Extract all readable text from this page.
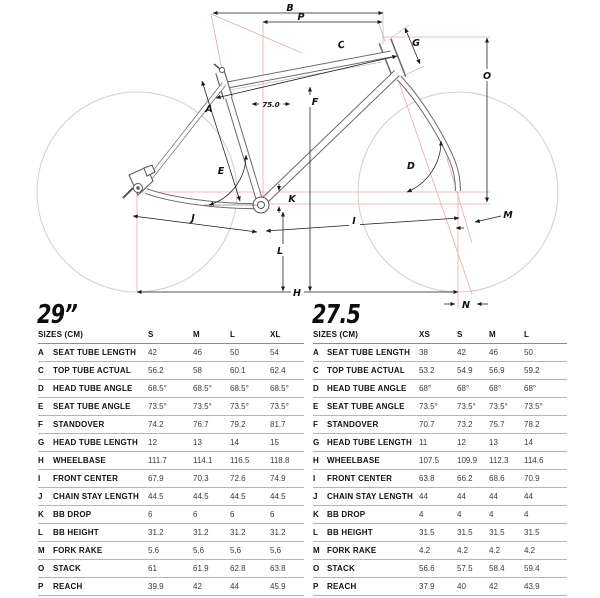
B
P
C	G
O
A
F
75.0
D
E
K
J	I
L
M
H
N
29”	27.5
SIZES (CM)	S	M	L	XL
A SEAT TUBE LENGTH 42	46	50	54
C TOP TUBE ACTUAL 56.2	58	60.1	62.4
D HEAD TUBE ANGLE 68.5°	68.5° 68.5°	68.5°
E SEAT TUBE ANGLE 73.5°	73.5° 73.5°	73.5°
F STANDOVER	74.2	76.7	79.2	81.7
G HEAD TUBE LENGTH 12	13	14	15
H WHEELBASE	111.7	114.1 116.5	118.8
I FRONT CENTER	67.9	70.3	72.6	74.9
J CHAIN STAY LENGTH 44.5	44.5	44.5	44.5
K BB DROP	6	6	6	6
L BB HEIGHT	31.2	31.2	31.2	31.2
M FORK RAKE	5.6	5.6	5.6	5.6
O STACK	61	61.9	62.8	63.8
P REACH	39.9	42	44	45.9
SIZES (CM)	XS	S	M	L
A SEAT TUBE LENGTH 38	42	46	50
C TOP TUBE ACTUAL 53.2	54.9 56.9 59.2
D HEAD TUBE ANGLE 68°	68° 68°	68°
E SEAT TUBE ANGLE 73.5° 73.5° 73.5° 73.5°
F STANDOVER	70.7	73.2 75.7 78.2
G HEAD TUBE LENGTH 11	12	13	14
H WHEELBASE	107.5 109.9 112.3 114.6
I FRONT CENTER	63.8	66.2 68.6 70.9
J CHAIN STAY LENGTH 44	44	44	44
K BB DROP	4	4	4	4
L BB HEIGHT	31.5	31.5 31.5 31.5
M FORK RAKE	4.2	4.2	4.2	4.2
O STACK	56.6	57.5 58.4 59.4
P REACH	37.9	40	42	43.9
